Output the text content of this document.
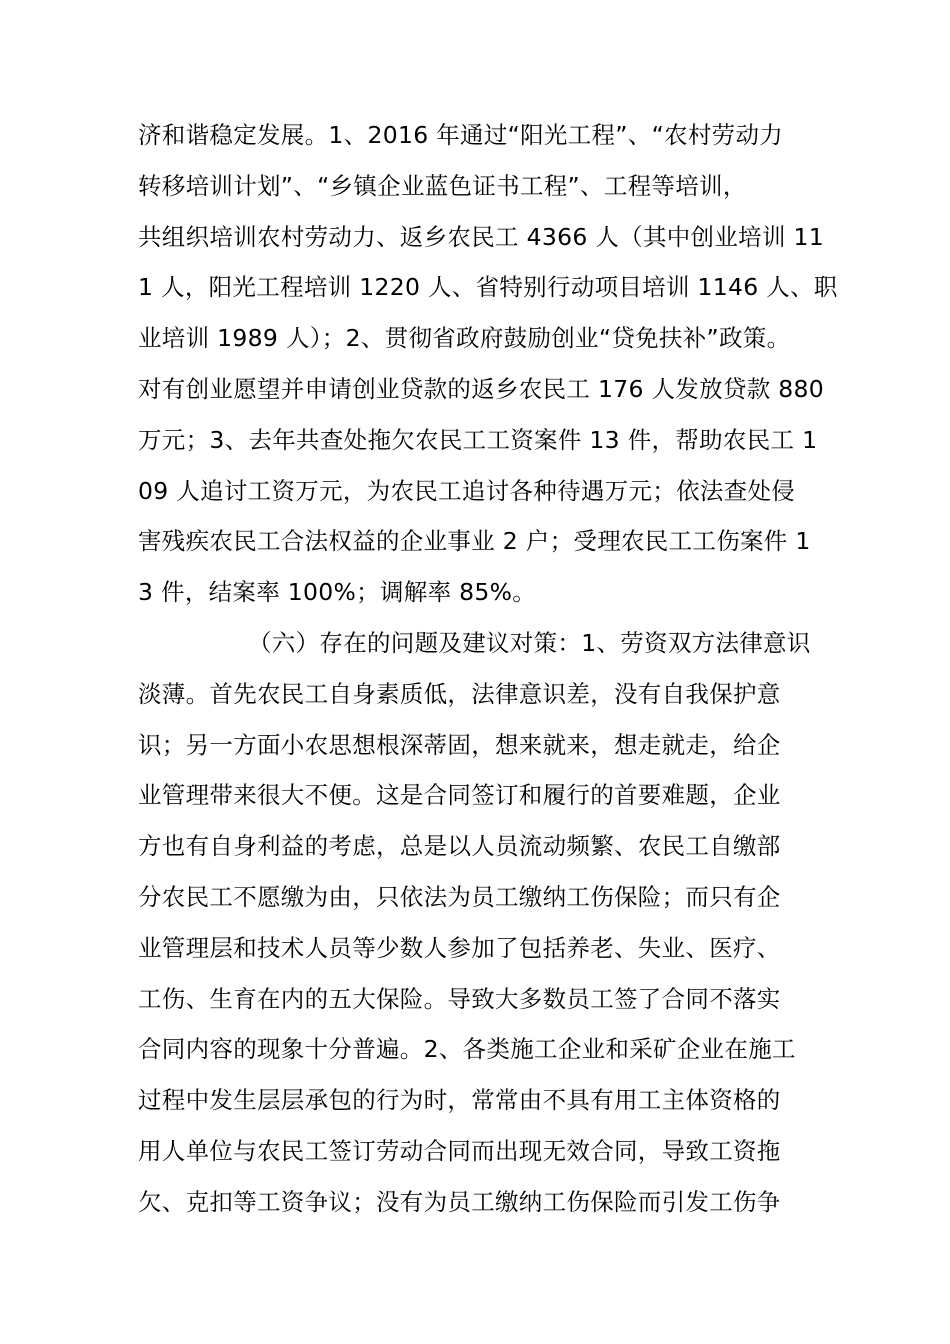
济和谐稳定发展。1、2016 年通过“阳光工程”、“农村劳动力
转移培训计划”、“乡镇企业蓝色证书工程”、工程等培训，
共组织培训农村劳动力、返乡农民工 4366 人（其中创业培训 11
1 人，阳光工程培训 1220 人、省特别行动项目培训 1146 人、职
业培训 1989 人）；2、贯彻省政府鼓励创业“贷免扶补”政策。
对有创业愿望并申请创业贷款的返乡农民工 176 人发放贷款 880
万元；3、去年共查处拖欠农民工工资案件 13 件，帮助农民工 1
09 人追讨工资万元，为农民工追讨各种待遇万元；依法查处侵
害残疾农民工合法权益的企业事业 2 户；受理农民工工伤案件 1
3 件，结案率 100%；调解率 85%。
（六）存在的问题及建议对策：1、劳资双方法律意识
淡薄。首先农民工自身素质低，法律意识差，没有自我保护意
识；另一方面小农思想根深蒂固，想来就来，想走就走，给企
业管理带来很大不便。这是合同签订和履行的首要难题，企业
方也有自身利益的考虑，总是以人员流动频繁、农民工自缴部
分农民工不愿缴为由，只依法为员工缴纳工伤保险；而只有企
业管理层和技术人员等少数人参加了包括养老、失业、医疗、
工伤、生育在内的五大保险。导致大多数员工签了合同不落实
合同内容的现象十分普遍。2、各类施工企业和采矿企业在施工
过程中发生层层承包的行为时，常常由不具有用工主体资格的
用人单位与农民工签订劳动合同而出现无效合同，导致工资拖
欠、克扣等工资争议；没有为员工缴纳工伤保险而引发工伤争
